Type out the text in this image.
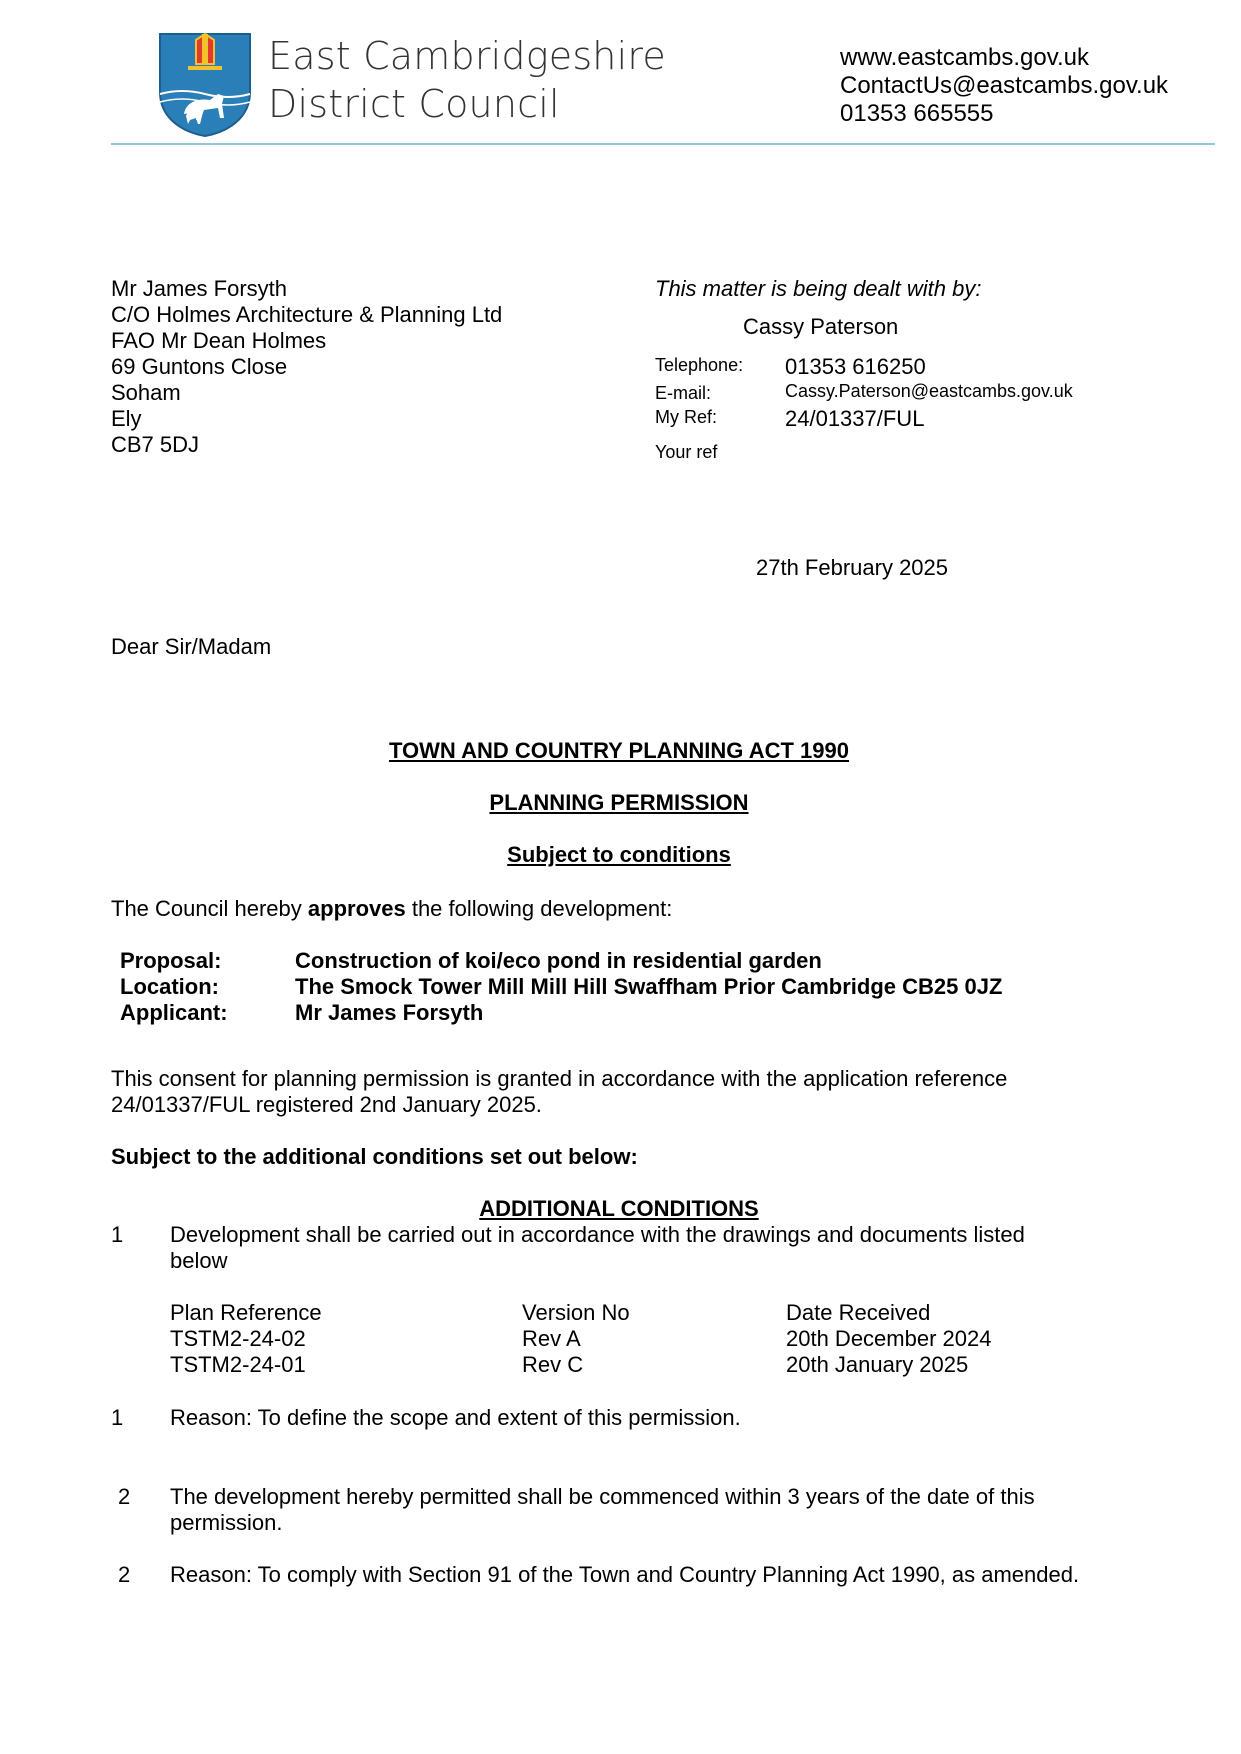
East Cambridgeshire
District Council
www.eastcambs.gov.uk
ContactUs@eastcambs.gov.uk
01353 665555
Mr James Forsyth
C/O Holmes Architecture & Planning Ltd
FAO Mr Dean Holmes
69 Guntons Close
Soham
Ely
CB7 5DJ
This matter is being dealt with by:
Cassy Paterson
Telephone: 01353 616250
E-mail:	Cassy.Paterson@eastcambs.gov.uk
My Ref:	24/01337/FUL
Your ref
27th February 2025
Dear Sir/Madam
TOWN AND COUNTRY PLANNING ACT 1990
PLANNING PERMISSION
Subject to conditions
The Council hereby approves the following development:
Proposal:	Construction of koi/eco pond in residential garden
Location:	The Smock Tower Mill Mill Hill Swaffham Prior Cambridge CB25 0JZ
Applicant:	Mr James Forsyth
This consent for planning permission is granted in accordance with the application reference
24/01337/FUL registered 2nd January 2025.
Subject to the additional conditions set out below:
ADDITIONAL CONDITIONS
1 Development shall be carried out in accordance with the drawings and documents listed
below
Plan Reference	Version No	Date Received
TSTM2-24-02	Rev A	20th December 2024
TSTM2-24-01	Rev C	20th January 2025
1 Reason: To define the scope and extent of this permission.
2 The development hereby permitted shall be commenced within 3 years of the date of this
permission.
2 Reason: To comply with Section 91 of the Town and Country Planning Act 1990, as amended.
